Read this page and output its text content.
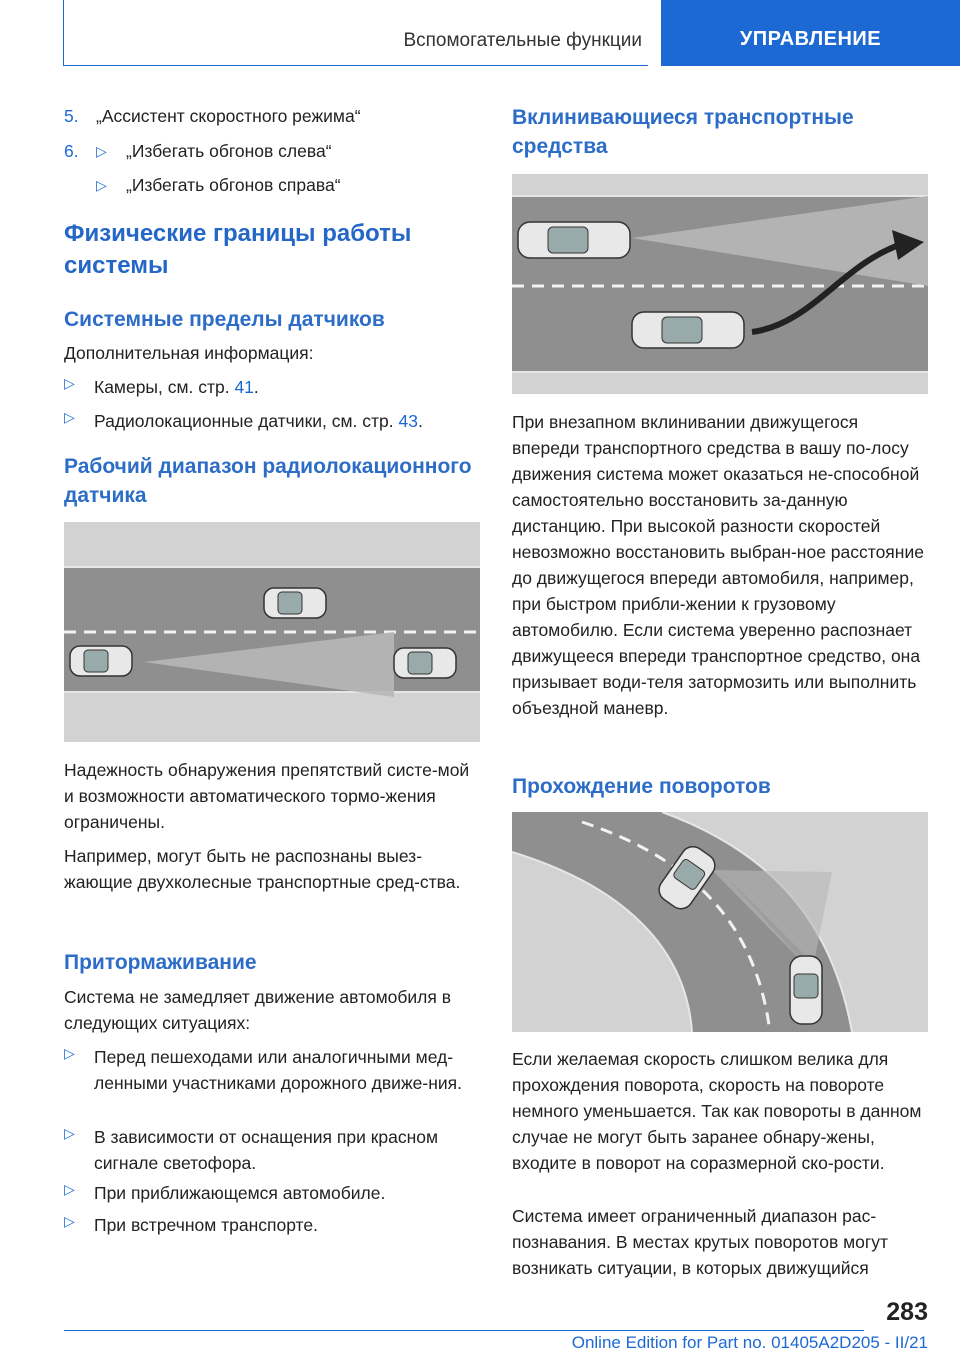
Вспомогательные функции	УПРАВЛЕНИЕ
5. „Ассистент скоростного режима“
6.	▷	„Избегать обгонов слева“
▷	„Избегать обгонов справа“
Физические границы работы системы
Системные пределы датчиков
Дополнительная информация:
▷	Камеры, см. стр. 41.
▷	Радиолокационные датчики, см. стр. 43.
Рабочий диапазон радиолокационного датчика
Надежность обнаружения препятствий систе-мой и возможности автоматического тормо-жения ограничены.
Например, могут быть не распознаны выез-жающие двухколесные транспортные сред-ства.
Притормаживание
Система не замедляет движение автомобиля в следующих ситуациях:
▷	Перед пешеходами или аналогичными мед-ленными участниками дорожного движе-ния.
▷	В зависимости от оснащения при красном сигнале светофора.
▷	При приближающемся автомобиле.
▷	При встречном транспорте.
Вклинивающиеся транспортные средства
При внезапном вклинивании движущегося впереди транспортного средства в вашу по-лосу движения система может оказаться не-способной самостоятельно восстановить за-данную дистанцию. При высокой разности скоростей невозможно восстановить выбран-ное расстояние до движущегося впереди автомобиля, например, при быстром прибли-жении к грузовому автомобилю. Если система уверенно распознает движущееся впереди транспортное средство, она призывает води-теля затормозить или выполнить объездной маневр.
Прохождение поворотов
Если желаемая скорость слишком велика для прохождения поворота, скорость на повороте немного уменьшается. Так как повороты в данном случае не могут быть заранее обнару-жены, входите в поворот на соразмерной ско-рости.
Система имеет ограниченный диапазон рас-познавания. В местах крутых поворотов могут возникать ситуации, в которых движущийся
283
Online Edition for Part no. 01405A2D205 - II/21
